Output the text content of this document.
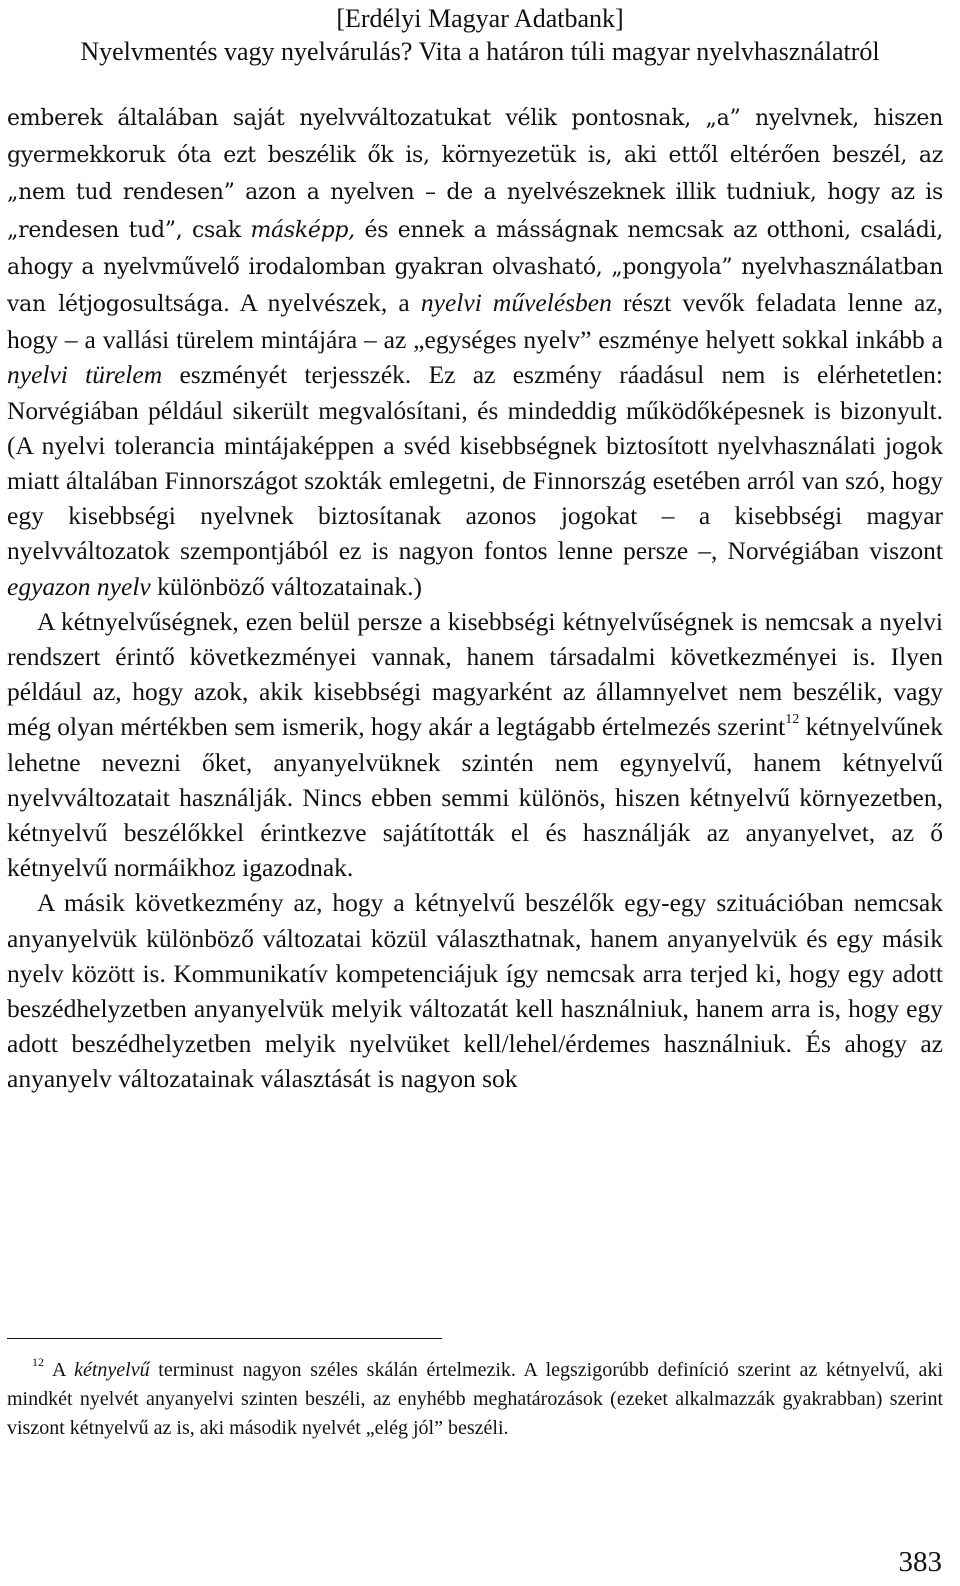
[Erdélyi Magyar Adatbank]
Nyelvmentés vagy nyelvárulás? Vita a határon túli magyar nyelvhasználatról

emberek általában saját nyelvváltozatukat vélik pontosnak, „a” nyelvnek, hiszen gyermekkoruk óta ezt beszélik ők is, környezetük is, aki ettől eltérően beszél, az „nem tud rendesen” azon a nyelven – de a nyelvészeknek illik tudniuk, hogy az is „rendesen tud”, csak másképp, és ennek a másságnak nemcsak az otthoni, családi, ahogy a nyelvművelő irodalomban gyakran olvasható, „pongyola” nyelvhasználatban van létjogosultsága. A nyelvészek, a nyelvi művelésben részt vevők feladata lenne az, hogy – a vallási türelem mintájára – az „egységes nyelv” eszménye helyett sokkal inkább a nyelvi türelem eszményét terjesszék. Ez az eszmény ráadásul nem is elérhetetlen: Norvégiában például sikerült megvalósítani, és mindeddig működőképesnek is bizonyult. (A nyelvi tolerancia mintájaképpen a svéd kisebbségnek biztosított nyelvhasználati jogok miatt általában Finnországot szokták emlegetni, de Finnország esetében arról van szó, hogy egy kisebbségi nyelvnek biztosítanak azonos jogokat – a kisebbségi magyar nyelvváltozatok szempontjából ez is nagyon fontos lenne persze –, Norvégiában viszont egyazon nyelv különböző változatainak.)

A kétnyelvűségnek, ezen belül persze a kisebbségi kétnyelvűségnek is nemcsak a nyelvi rendszert érintő következményei vannak, hanem társadalmi következményei is. Ilyen például az, hogy azok, akik kisebbségi magyarként az államnyelvet nem beszélik, vagy még olyan mértékben sem ismerik, hogy akár a legtágabb értelmezés szerint$^{12}$ kétnyelvűnek lehetne nevezni őket, anyanyelvüknek szintén nem egynyelvű, hanem kétnyelvű nyelvváltozatait használják. Nincs ebben semmi különös, hiszen kétnyelvű környezetben, kétnyelvű beszélőkkel érintkezve sajátították el és használják az anyanyelvet, az ő kétnyelvű normáikhoz igazodnak.

A másik következmény az, hogy a kétnyelvű beszélők egy-egy szituációban nemcsak anyanyelvük különböző változatai közül választhatnak, hanem anyanyelvük és egy másik nyelv között is. Kommunikatív kompetenciájuk így nemcsak arra terjed ki, hogy egy adott beszédhelyzetben anyanyelvük melyik változatát kell használniuk, hanem arra is, hogy egy adott beszédhelyzetben melyik nyelvüket kell/lehel/érdemes használniuk. És ahogy az anyanyelv változatainak választását is nagyon sok

$^{12}$ A kétnyelvű terminust nagyon széles skálán értelmezik. A legszigorúbb definíció szerint az kétnyelvű, aki mindkét nyelvét anyanyelvi szinten beszéli, az enyhébb meghatározások (ezeket alkalmazzák gyakrabban) szerint viszont kétnyelvű az is, aki második nyelvét „elég jól” beszéli.
383
